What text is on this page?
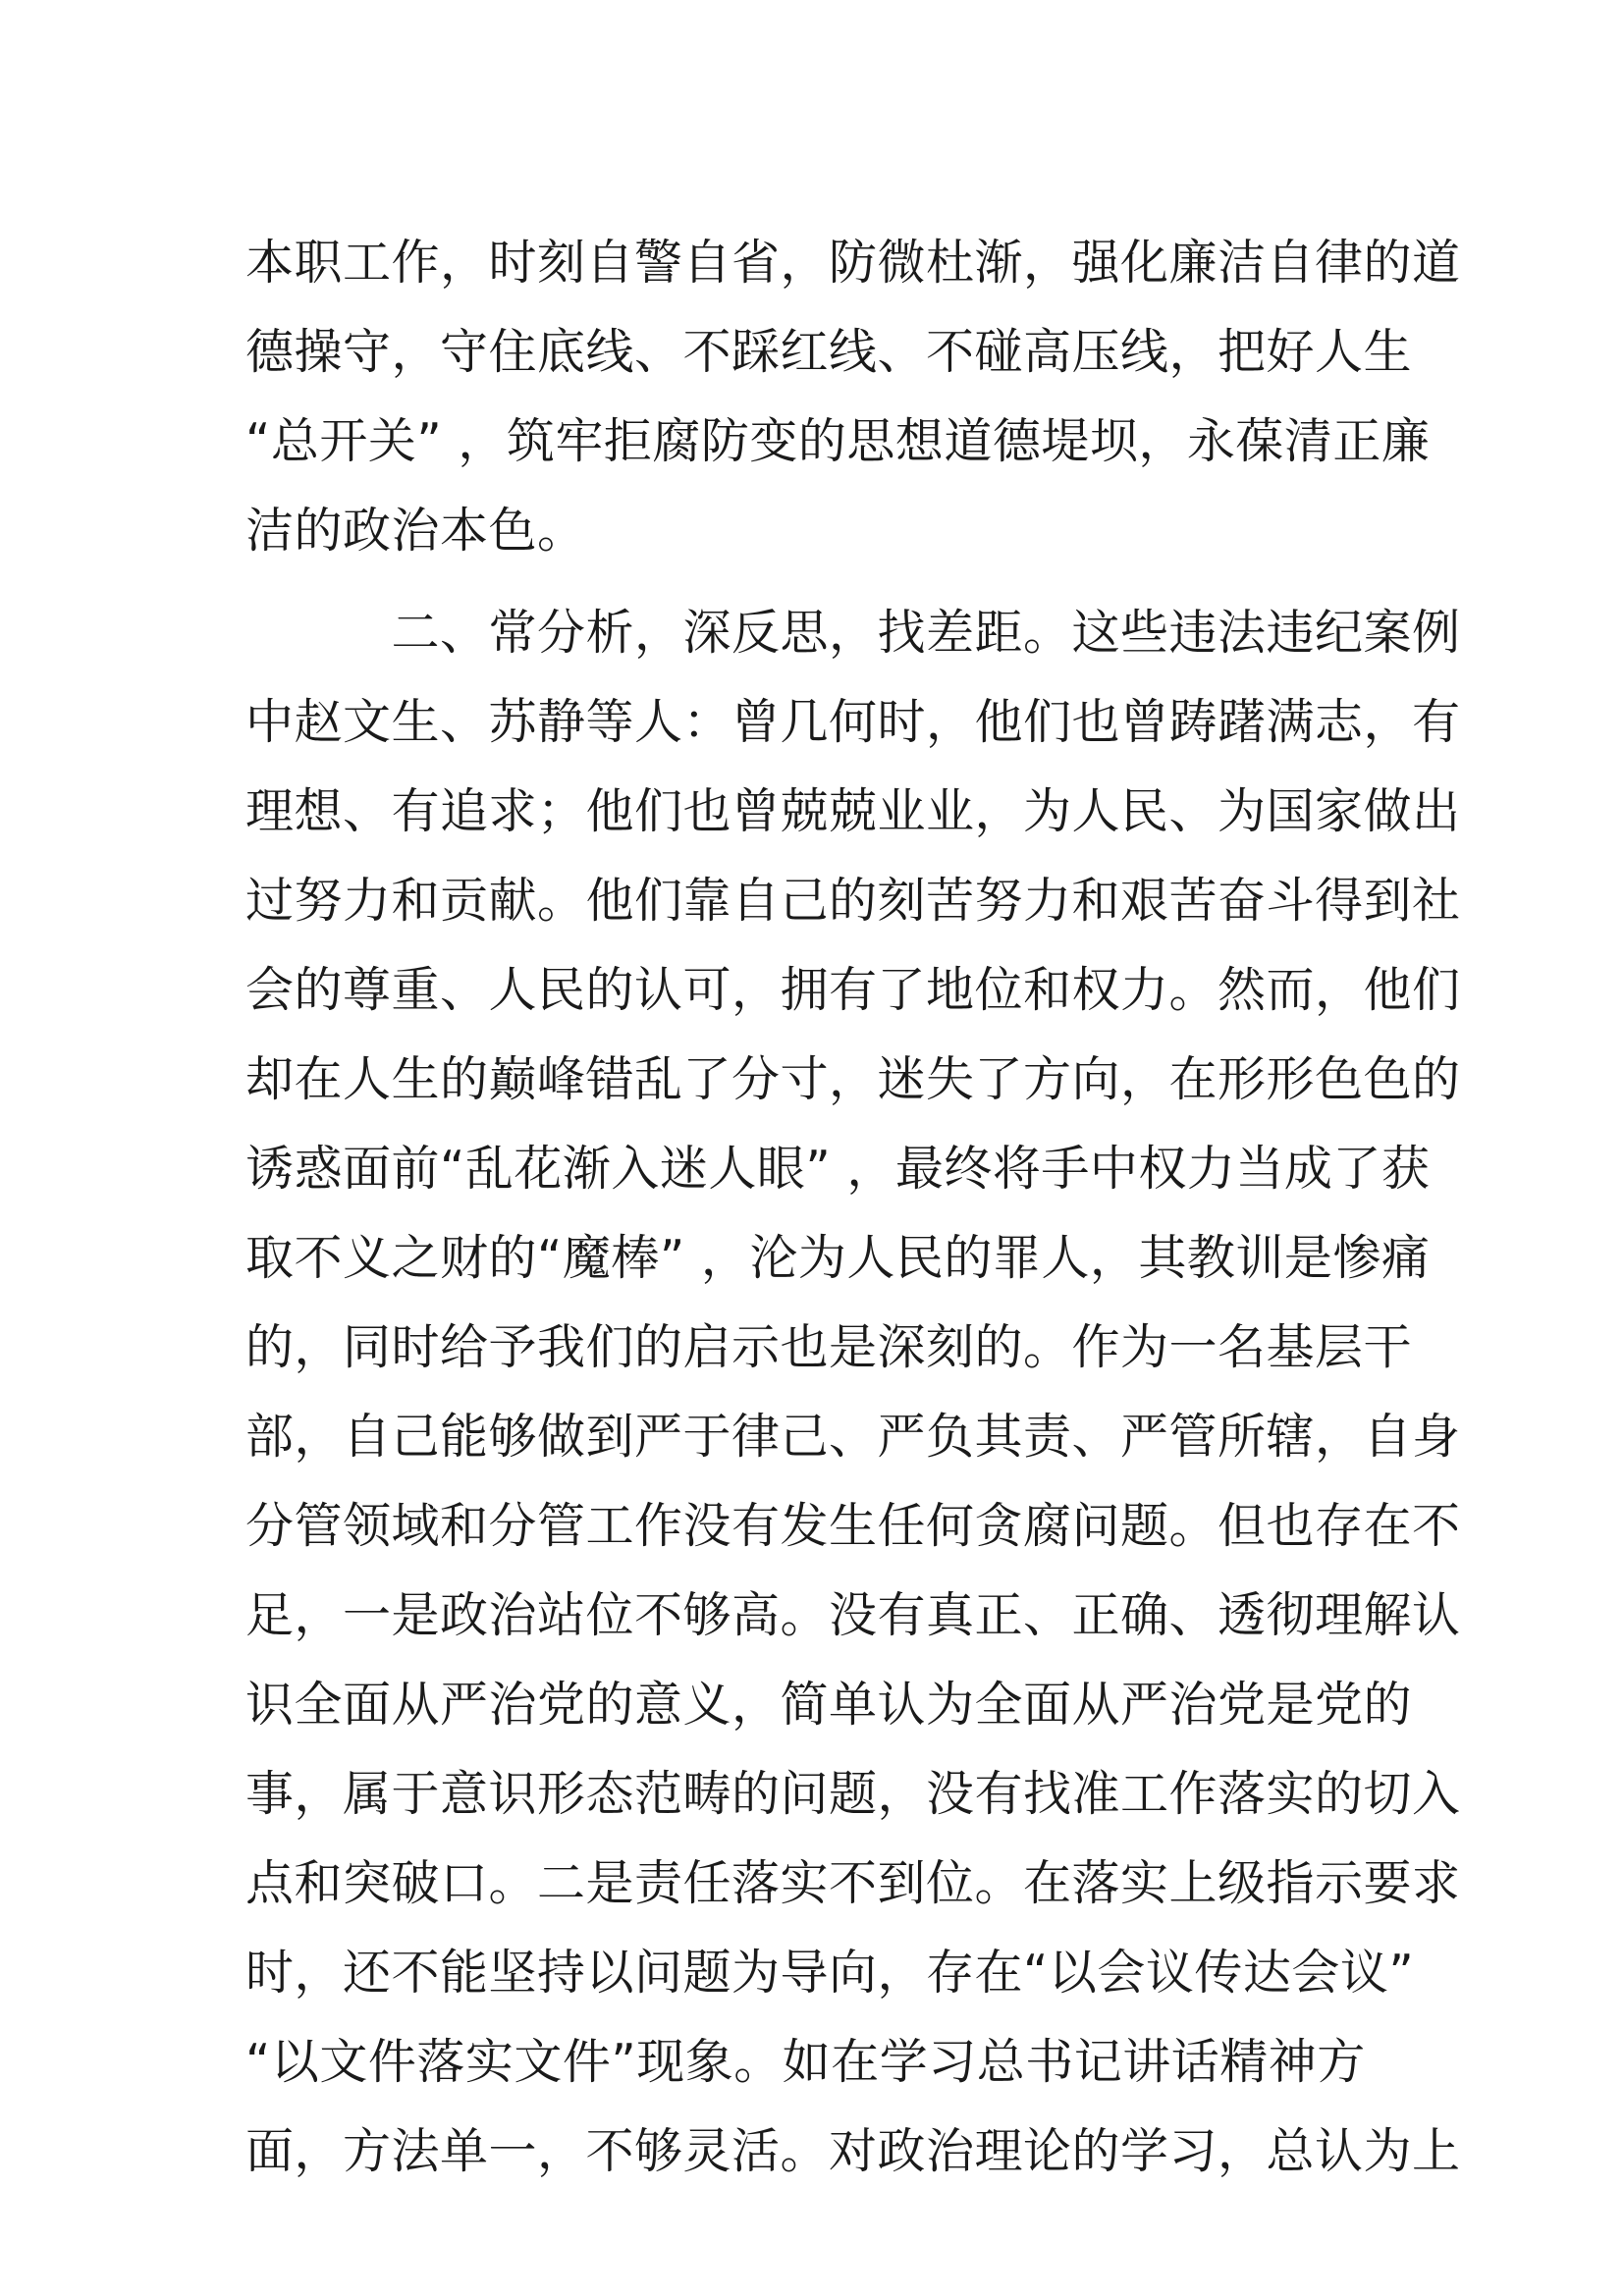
本职工作，时刻自警自省，防微杜渐，强化廉洁自律的道
德操守，守住底线、不踩红线、不碰高压线，把好人生
“总开关” ，筑牢拒腐防变的思想道德堤坝，永葆清正廉
洁的政治本色。
　　　二、常分析，深反思，找差距。这些违法违纪案例
中赵文生、苏静等人：曾几何时，他们也曾踌躇满志，有
理想、有追求；他们也曾兢兢业业，为人民、为国家做出
过努力和贡献。他们靠自己的刻苦努力和艰苦奋斗得到社
会的尊重、人民的认可，拥有了地位和权力。然而，他们
却在人生的巅峰错乱了分寸，迷失了方向，在形形色色的
诱惑面前“乱花渐入迷人眼” ，最终将手中权力当成了获
取不义之财的“魔棒” ，沦为人民的罪人，其教训是惨痛
的，同时给予我们的启示也是深刻的。作为一名基层干
部，自己能够做到严于律己、严负其责、严管所辖，自身
分管领域和分管工作没有发生任何贪腐问题。但也存在不
足，一是政治站位不够高。没有真正、正确、透彻理解认
识全面从严治党的意义，简单认为全面从严治党是党的
事，属于意识形态范畴的问题，没有找准工作落实的切入
点和突破口。二是责任落实不到位。在落实上级指示要求
时，还不能坚持以问题为导向，存在“以会议传达会议”
“以文件落实文件”现象。如在学习总书记讲话精神方
面，方法单一，不够灵活。对政治理论的学习，总认为上
